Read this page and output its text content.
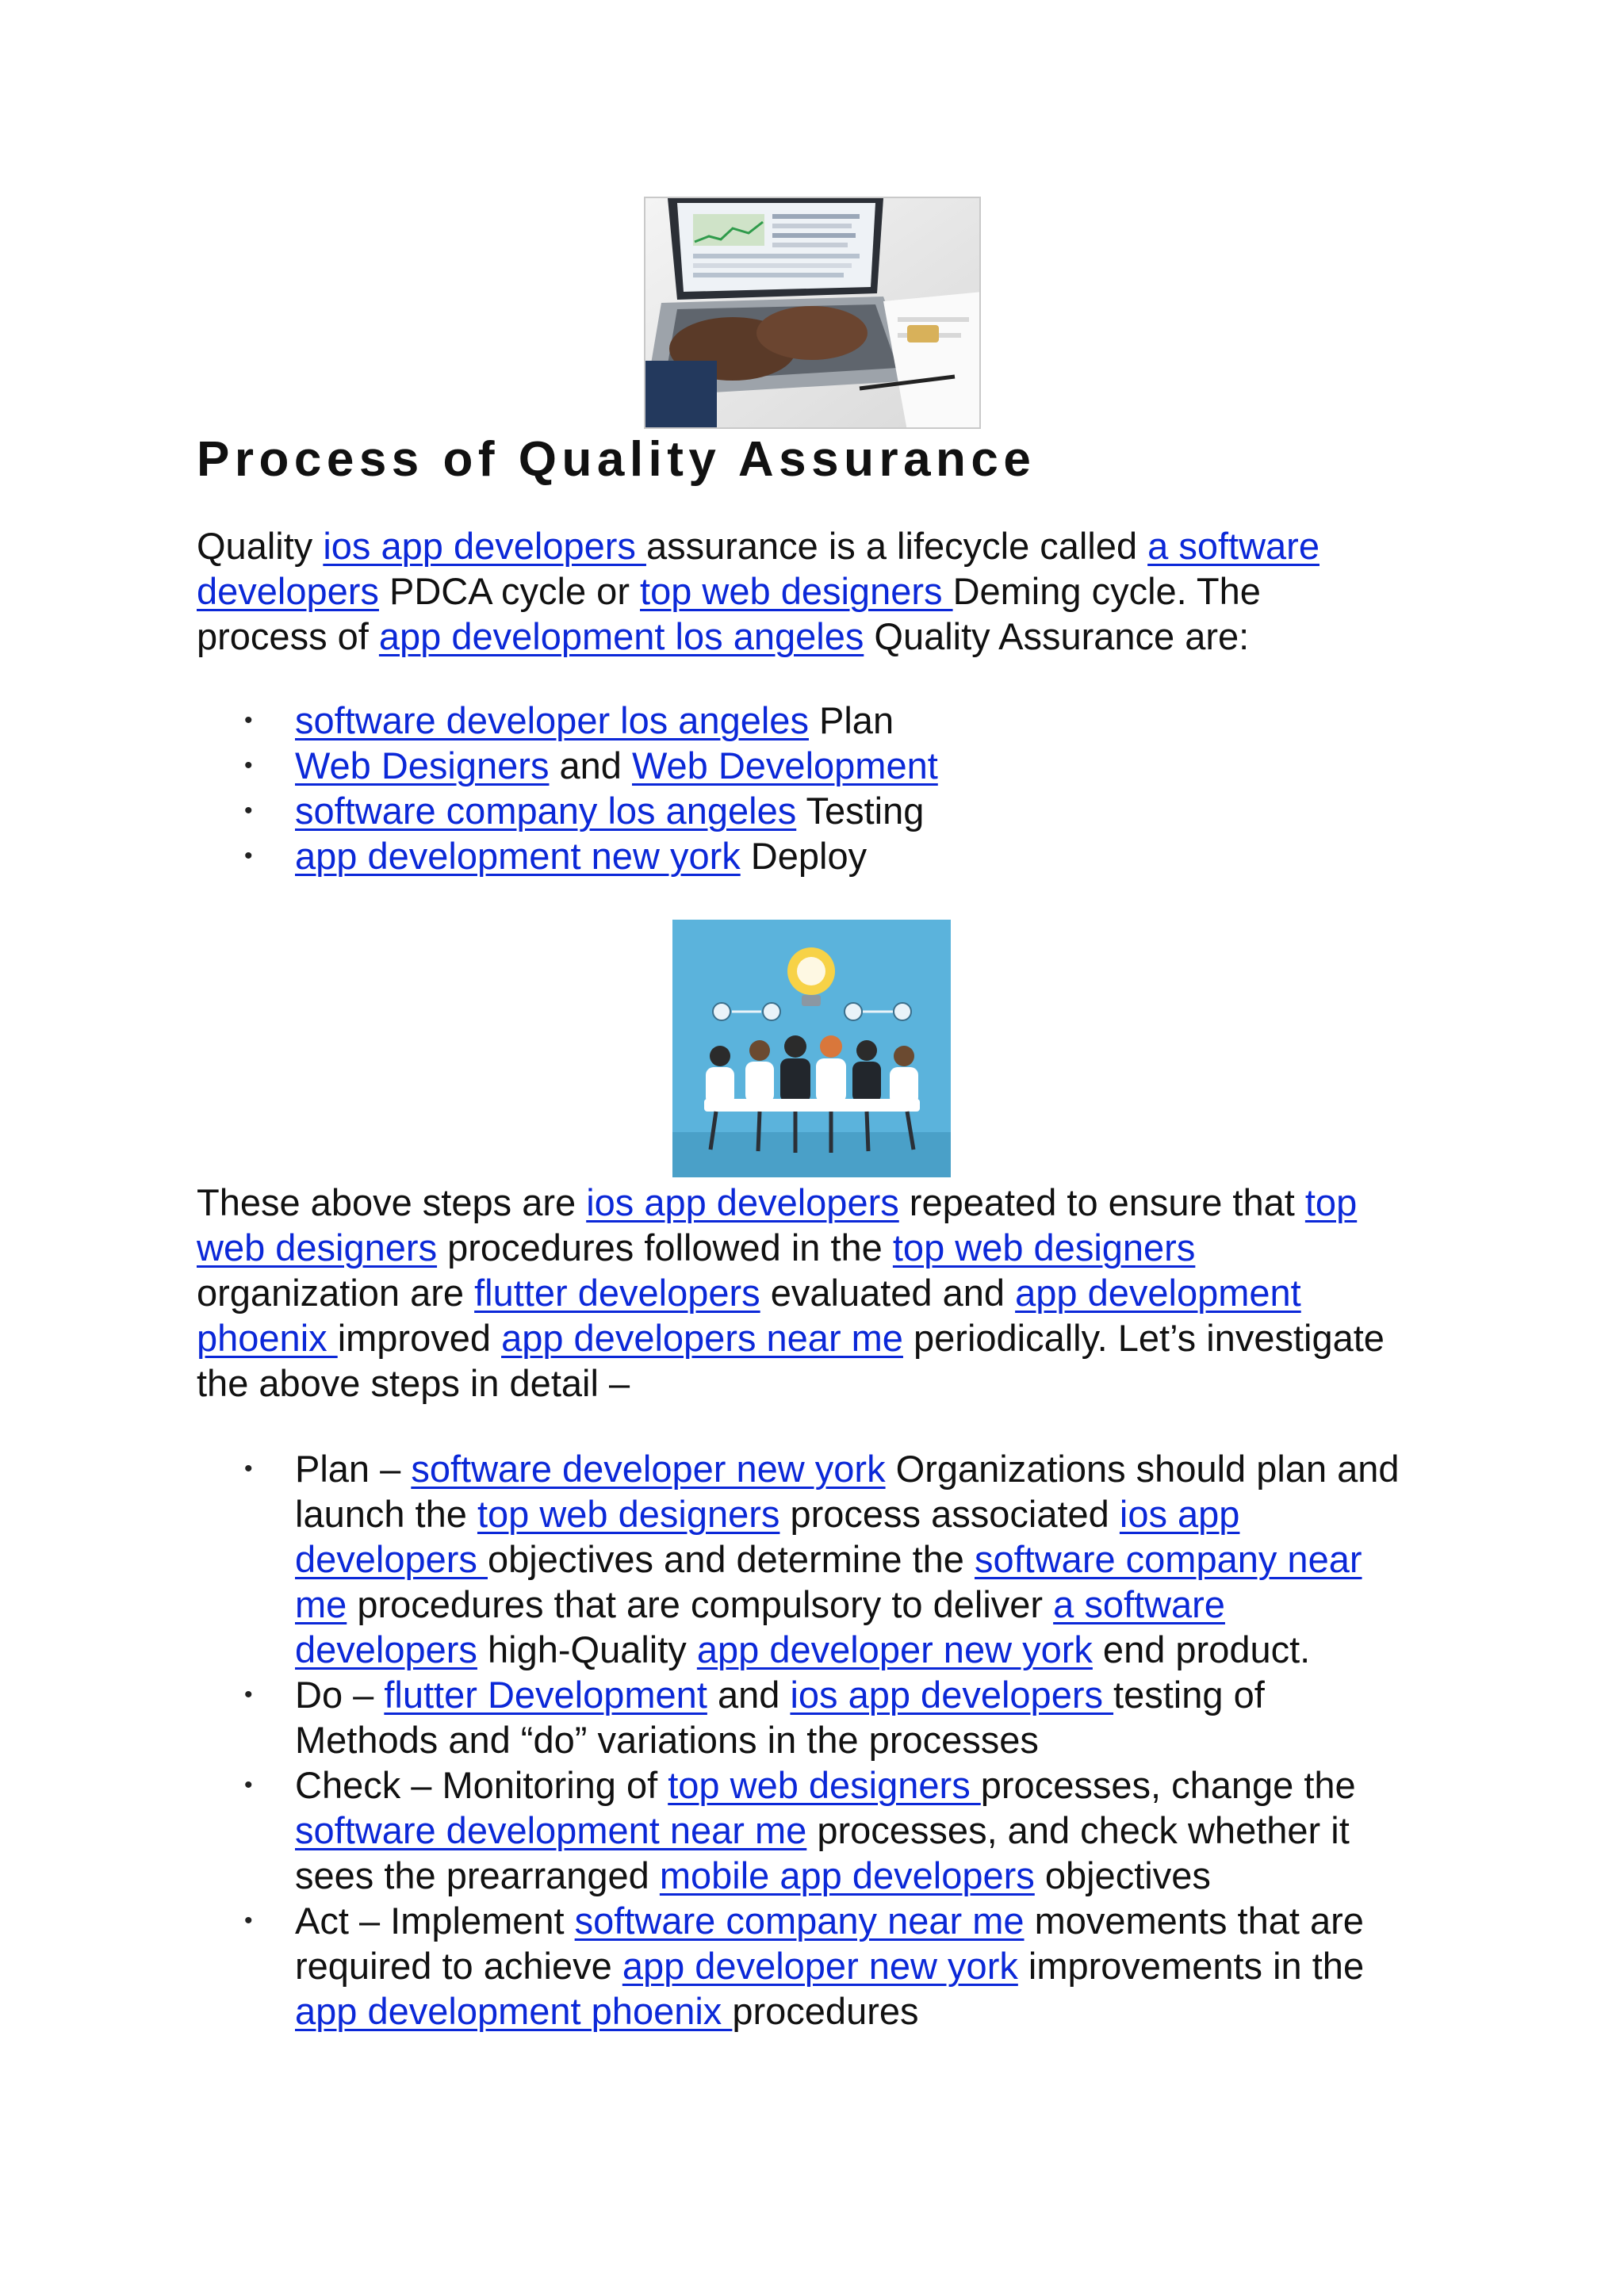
Process of Quality Assurance

Quality ios app developers assurance is a lifecycle called a software
developers PDCA cycle or top web designers Deming cycle. The
process of app development los angeles Quality Assurance are:

• software developer los angeles Plan
• Web Designers and Web Development
• software company los angeles Testing
• app development new york Deploy

These above steps are ios app developers repeated to ensure that top
web designers procedures followed in the top web designers
organization are flutter developers evaluated and app development
phoenix improved app developers near me periodically. Let’s investigate
the above steps in detail –

• Plan – software developer new york Organizations should plan and
launch the top web designers process associated ios app
developers objectives and determine the software company near
me procedures that are compulsory to deliver a software
developers high-Quality app developer new york end product.
• Do – flutter Development and ios app developers testing of
Methods and “do” variations in the processes
• Check – Monitoring of top web designers processes, change the
software development near me processes, and check whether it
sees the prearranged mobile app developers objectives
• Act – Implement software company near me movements that are
required to achieve app developer new york improvements in the
app development phoenix procedures
